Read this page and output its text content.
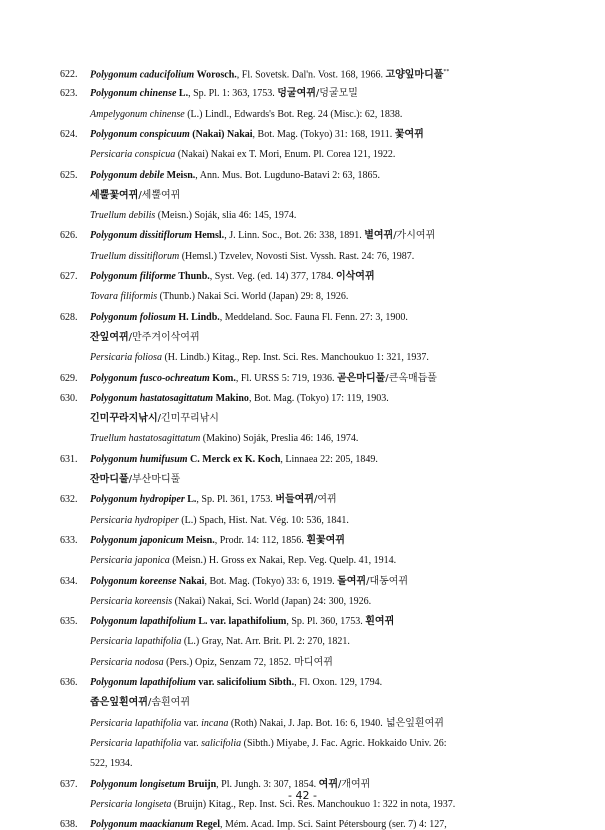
622. Polygonum caducifolium Worosch., Fl. Sovetsk. Dal'n. Vost. 168, 1966. 고양잎마디풀**
623. Polygonum chinense L., Sp. Pl. 1: 363, 1753. 덩굴여뀌/덩굴모밀
Ampelygonum chinense (L.) Lindl., Edwards's Bot. Reg. 24 (Misc.): 62, 1838.
624. Polygonum conspicuum (Nakai) Nakai, Bot. Mag. (Tokyo) 31: 168, 1911. 꽃여뀌
Persicaria conspicua (Nakai) Nakai ex T. Mori, Enum. Pl. Corea 121, 1922.
625. Polygonum debile Meisn., Ann. Mus. Bot. Lugduno-Batavi 2: 63, 1865.
세뿔꽃여뀌/세뿔여뀌
Truellum debilis (Meisn.) Soják, slia 46: 145, 1974.
626. Polygonum dissitiflorum Hemsl., J. Linn. Soc., Bot. 26: 338, 1891. 별여뀌/가시여뀌
Truellum dissitiflorum (Hemsl.) Tzvelev, Novosti Sist. Vyssh. Rast. 24: 76, 1987.
627. Polygonum filiforme Thunb., Syst. Veg. (ed. 14) 377, 1784. 이삭여뀌
Tovara filiformis (Thunb.) Nakai Sci. World (Japan) 29: 8, 1926.
628. Polygonum foliosum H. Lindb., Meddeland. Soc. Fauna Fl. Fenn. 27: 3, 1900.
잔잎여뀌/만주겨이삭여뀌
Persicaria foliosa (H. Lindb.) Kitag., Rep. Inst. Sci. Res. Manchoukuo 1: 321, 1937.
629. Polygonum fusco-ochreatum Kom., Fl. URSS 5: 719, 1936. 곧은마디풀/큰옥매듭풀
630. Polygonum hastatosagittatum Makino, Bot. Mag. (Tokyo) 17: 119, 1903.
긴미꾸라지낚시/긴미꾸리낚시
Truellum hastatosagittatum (Makino) Soják, Preslia 46: 146, 1974.
631. Polygonum humifusum C. Merck ex K. Koch, Linnaea 22: 205, 1849.
잔마디풀/부산마디풀
632. Polygonum hydropiper L., Sp. Pl. 361, 1753. 버들여뀌/여뀌
Persicaria hydropiper (L.) Spach, Hist. Nat. Vég. 10: 536, 1841.
633. Polygonum japonicum Meisn., Prodr. 14: 112, 1856. 흰꽃여뀌
Persicaria japonica (Meisn.) H. Gross ex Nakai, Rep. Veg. Quelp. 41, 1914.
634. Polygonum koreense Nakai, Bot. Mag. (Tokyo) 33: 6, 1919. 돌여뀌/대동여뀌
Persicaria koreensis (Nakai) Nakai, Sci. World (Japan) 24: 300, 1926.
635. Polygonum lapathifolium L. var. lapathifolium, Sp. Pl. 360, 1753. 흰여뀌
Persicaria lapathifolia (L.) Gray, Nat. Arr. Brit. Pl. 2: 270, 1821.
Persicaria nodosa (Pers.) Opiz, Senzam 72, 1852. 마디여뀌
636. Polygonum lapathifolium var. salicifolium Sibth., Fl. Oxon. 129, 1794.
좁은잎흰여뀌/솜흰여뀌
Persicaria lapathifolia var. incana (Roth) Nakai, J. Jap. Bot. 16: 6, 1940. 넓은잎흰여뀌
Persicaria lapathifolia var. salicifolia (Sibth.) Miyabe, J. Fac. Agric. Hokkaido Univ. 26:
522, 1934.
637. Polygonum longisetum Bruijn, Pl. Jungh. 3: 307, 1854. 여뀌/개여뀌
Persicaria longiseta (Bruijn) Kitag., Rep. Inst. Sci. Res. Manchoukuo 1: 322 in nota, 1937.
638. Polygonum maackianum Regel, Mém. Acad. Imp. Sci. Saint Pétersbourg (ser. 7) 4: 127,
- 42 -
